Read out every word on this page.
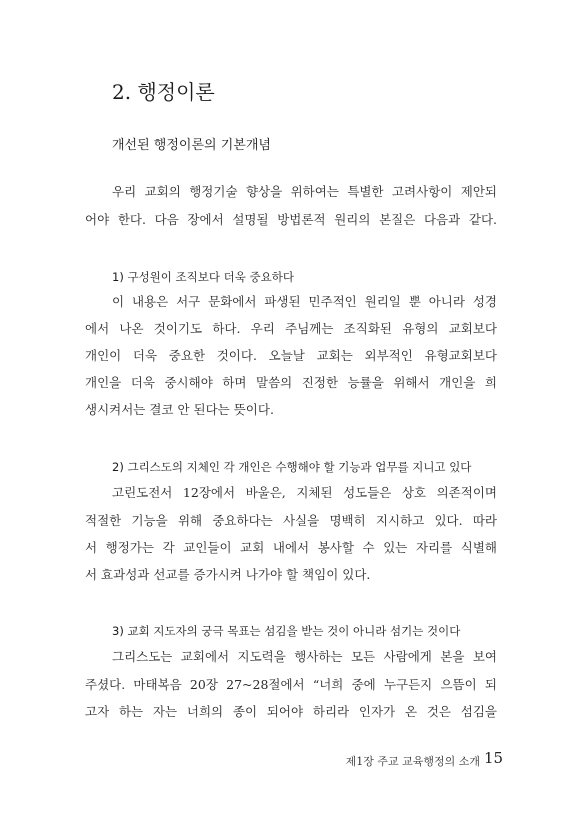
2. 행정이론
개선된 행정이론의 기본개념
우리 교회의 행정기술 향상을 위하여는 특별한 고려사항이 제안되
어야 한다. 다음 장에서 설명될 방법론적 원리의 본질은 다음과 같다.
1) 구성원이 조직보다 더욱 중요하다
이 내용은 서구 문화에서 파생된 민주적인 원리일 뿐 아니라 성경
에서 나온 것이기도 하다. 우리 주님께는 조직화된 유형의 교회보다
개인이 더욱 중요한 것이다. 오늘날 교회는 외부적인 유형교회보다
개인을 더욱 중시해야 하며 말씀의 진정한 능률을 위해서 개인을 희
생시켜서는 결코 안 된다는 뜻이다.
2) 그리스도의 지체인 각 개인은 수행해야 할 기능과 업무를 지니고 있다
고린도전서 12장에서 바울은, 지체된 성도들은 상호 의존적이며
적절한 기능을 위해 중요하다는 사실을 명백히 지시하고 있다. 따라
서 행정가는 각 교인들이 교회 내에서 봉사할 수 있는 자리를 식별해
서 효과성과 선교를 증가시켜 나가야 할 책임이 있다.
3) 교회 지도자의 궁극 목표는 섬김을 받는 것이 아니라 섬기는 것이다
그리스도는 교회에서 지도력을 행사하는 모든 사람에게 본을 보여
주셨다. 마태복음 20장 27~28절에서 “너희 중에 누구든지 으뜸이 되
고자 하는 자는 너희의 종이 되어야 하리라 인자가 온 것은 섬김을
제1장 주교 교육행정의 소개 15
